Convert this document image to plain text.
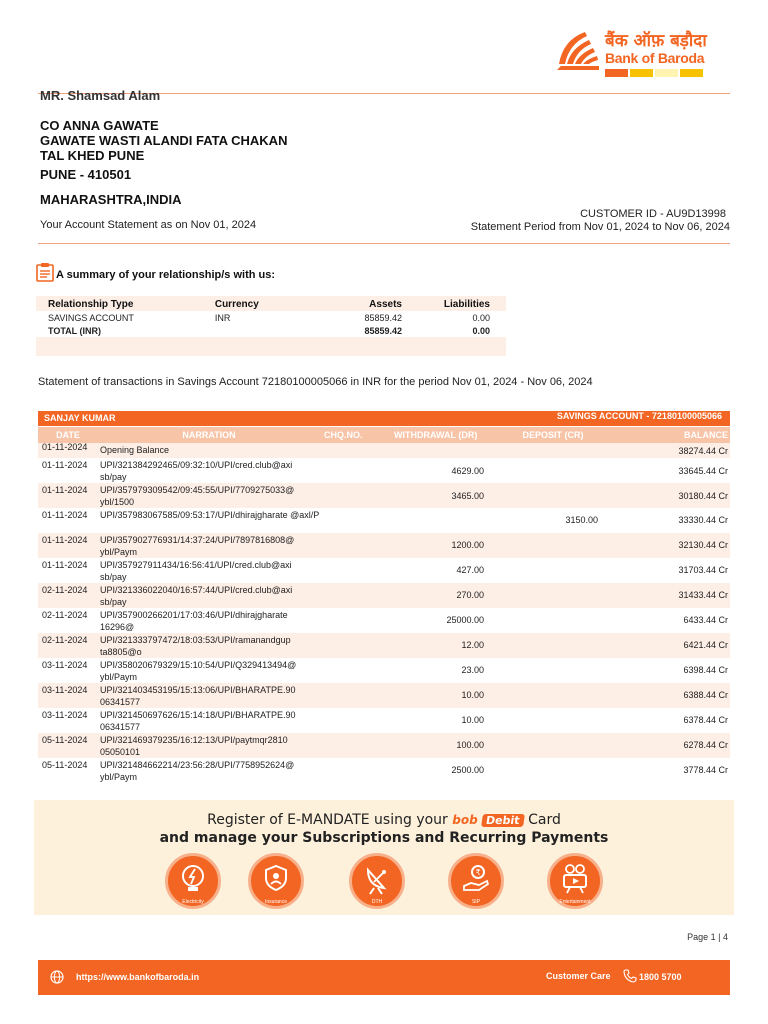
बैंक ऑफ़ बड़ौदा
Bank of Baroda
MR. Shamsad Alam
CO ANNA GAWATE
GAWATE WASTI ALANDI FATA CHAKAN
TAL KHED PUNE
PUNE - 410501
MAHARASHTRA,INDIA
Your Account Statement as on Nov 01, 2024
CUSTOMER ID - AU9D13998
Statement Period from Nov 01, 2024 to Nov 06, 2024
A summary of your relationship/s with us:
Relationship Type	Currency	Assets	Liabilities
SAVINGS ACCOUNT	INR	85859.42	0.00
TOTAL (INR)		85859.42	0.00
Statement of transactions in Savings Account 72180100005066 in INR for the period Nov 01, 2024 - Nov 06, 2024
SANJAY KUMAR	SAVINGS ACCOUNT - 72180100005066
DATE	NARRATION	CHQ.NO.	WITHDRAWAL (DR)	DEPOSIT (CR)	BALANCE
01-11-2024	Opening Balance				38274.44 Cr
01-11-2024	UPI/321384292465/09:32:10/UPI/cred.club@axi sb/pay		4629.00		33645.44 Cr
01-11-2024	UPI/357979309542/09:45:55/UPI/7709275033@ ybl/1500		3465.00		30180.44 Cr
01-11-2024	UPI/357983067585/09:53:17/UPI/dhirajgharate @axl/P			3150.00	33330.44 Cr
01-11-2024	UPI/357902776931/14:37:24/UPI/7897816808@ ybl/Paym		1200.00		32130.44 Cr
01-11-2024	UPI/357927911434/16:56:41/UPI/cred.club@axi sb/pay		427.00		31703.44 Cr
02-11-2024	UPI/321336022040/16:57:44/UPI/cred.club@axi sb/pay		270.00		31433.44 Cr
02-11-2024	UPI/357900266201/17:03:46/UPI/dhirajgharate 16296@		25000.00		6433.44 Cr
02-11-2024	UPI/321333797472/18:03:53/UPI/ramanandgup ta8805@o		12.00		6421.44 Cr
03-11-2024	UPI/358020679329/15:10:54/UPI/Q329413494@ ybl/Paym		23.00		6398.44 Cr
03-11-2024	UPI/321403453195/15:13:06/UPI/BHARATPE.90 06341577		10.00		6388.44 Cr
03-11-2024	UPI/321450697626/15:14:18/UPI/BHARATPE.90 06341577		10.00		6378.44 Cr
05-11-2024	UPI/321469379235/16:12:13/UPI/paytmqr2810 05050101		100.00		6278.44 Cr
05-11-2024	UPI/321484662214/23:56:28/UPI/7758952624@ ybl/Paym		2500.00		3778.44 Cr
Register of E-MANDATE using your bob Debit Card
and manage your Subscriptions and Recurring Payments
Electricity	Insurance	DTH
₹
SIP	Entertainment
Page 1 | 4
https://www.bankofbaroda.in	Customer Care	1800 5700
